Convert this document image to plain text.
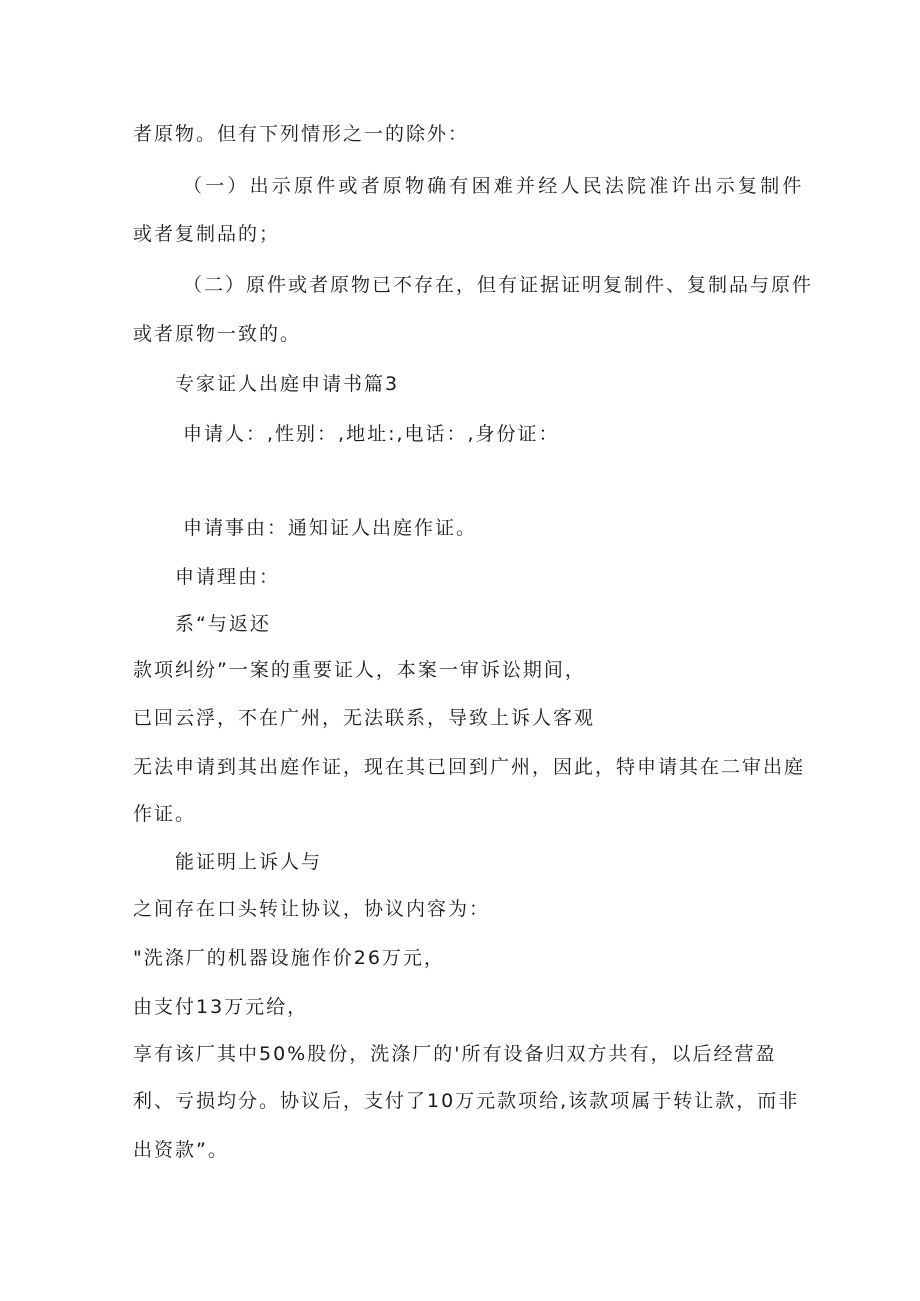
者原物。但有下列情形之一的除外：

（一）出示原件或者原物确有困难并经人民法院准许出示复制件

或者复制品的；

（二）原件或者原物已不存在，但有证据证明复制件、复制品与原件

或者原物一致的。

专家证人出庭申请书篇3

申请人：,性别：,地址:,电话：,身份证：

申请事由：通知证人出庭作证。

申请理由：

系“与返还

款项纠纷”一案的重要证人，本案一审诉讼期间，

已回云浮，不在广州，无法联系，导致上诉人客观

无法申请到其出庭作证，现在其已回到广州，因此，特申请其在二审出庭

作证。

能证明上诉人与

之间存在口头转让协议，协议内容为：

"洗涤厂的机器设施作价26万元，

由支付13万元给，

享有该厂其中50%股份，洗涤厂的'所有设备归双方共有，以后经营盈

利、亏损均分。协议后，支付了10万元款项给,该款项属于转让款，而非

出资款”。
